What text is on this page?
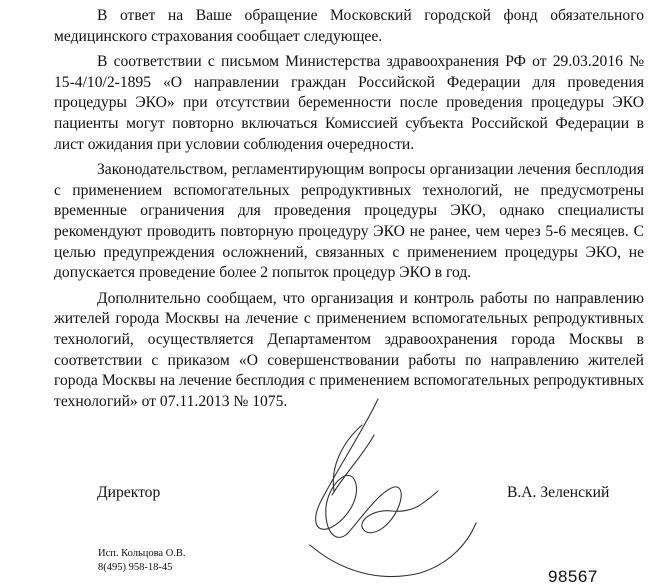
В ответ на Ваше обращение Московский городской фонд обязательного медицинского страхования сообщает следующее.

В соответствии с письмом Министерства здравоохранения РФ от 29.03.2016 № 15-4/10/2-1895 «О направлении граждан Российской Федерации для проведения процедуры ЭКО» при отсутствии беременности после проведения процедуры ЭКО пациенты могут повторно включаться Комиссией субъекта Российской Федерации в лист ожидания при условии соблюдения очередности.

Законодательством, регламентирующим вопросы организации лечения бесплодия с применением вспомогательных репродуктивных технологий, не предусмотрены временные ограничения для проведения процедуры ЭКО, однако специалисты рекомендуют проводить повторную процедуру ЭКО не ранее, чем через 5-6 месяцев. С целью предупреждения осложнений, связанных с применением процедуры ЭКО, не допускается проведение более 2 попыток процедур ЭКО в год.

Дополнительно сообщаем, что организация и контроль работы по направлению жителей города Москвы на лечение с применением вспомогательных репродуктивных технологий, осуществляется Департаментом здравоохранения города Москвы в соответствии с приказом «О совершенствовании работы по направлению жителей города Москвы на лечение бесплодия с применением вспомогательных репродуктивных технологий» от 07.11.2013 № 1075.

Директор	В.А. Зеленский
Исп. Кольцова О.В.
8(495) 958-18-45	98567
